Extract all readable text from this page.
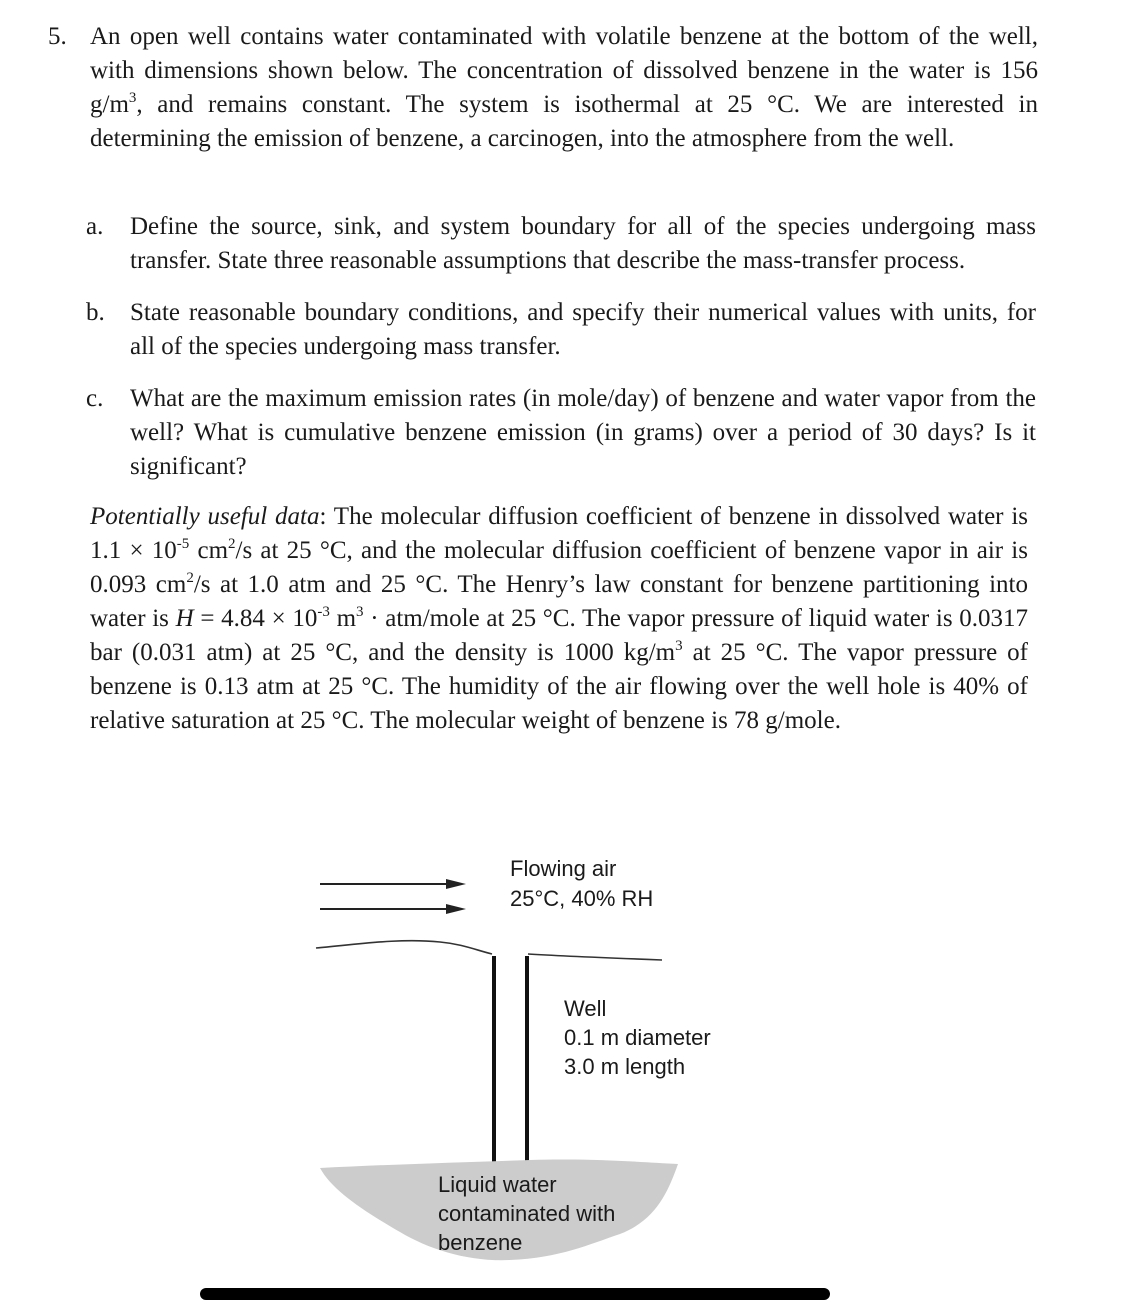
5. An open well contains water contaminated with volatile benzene at the bottom of the well, with dimensions shown below. The concentration of dissolved benzene in the water is 156 $g/m^3$, and remains constant. The system is isothermal at 25 °C. We are interested in determining the emission of benzene, a carcinogen, into the atmosphere from the well.
a. Define the source, sink, and system boundary for all of the species undergoing mass transfer. State three reasonable assumptions that describe the mass-transfer process.
b. State reasonable boundary conditions, and specify their numerical values with units, for all of the species undergoing mass transfer.
c. What are the maximum emission rates (in mole/day) of benzene and water vapor from the well? What is cumulative benzene emission (in grams) over a period of 30 days? Is it significant?
Potentially useful data: The molecular diffusion coefficient of benzene in dissolved water is $1.1 \times 10^{-5}$ $cm^2/s$ at 25 °C, and the molecular diffusion coefficient of benzene vapor in air is 0.093 $cm^2/s$ at 1.0 atm and 25 °C. The Henry’s law constant for benzene partitioning into water is $H = 4.84 \times 10^{-3}$ $m^3$ · atm/mole at 25 °C. The vapor pressure of liquid water is 0.0317 bar (0.031 atm) at 25 °C, and the density is 1000 $kg/m^3$ at 25 °C. The vapor pressure of benzene is 0.13 atm at 25 °C. The humidity of the air flowing over the well hole is 40% of relative saturation at 25 °C. The molecular weight of benzene is 78 g/mole.
Flowing air
25°C, 40% RH
Well
0.1 m diameter
3.0 m length
Liquid water
contaminated with
benzene
